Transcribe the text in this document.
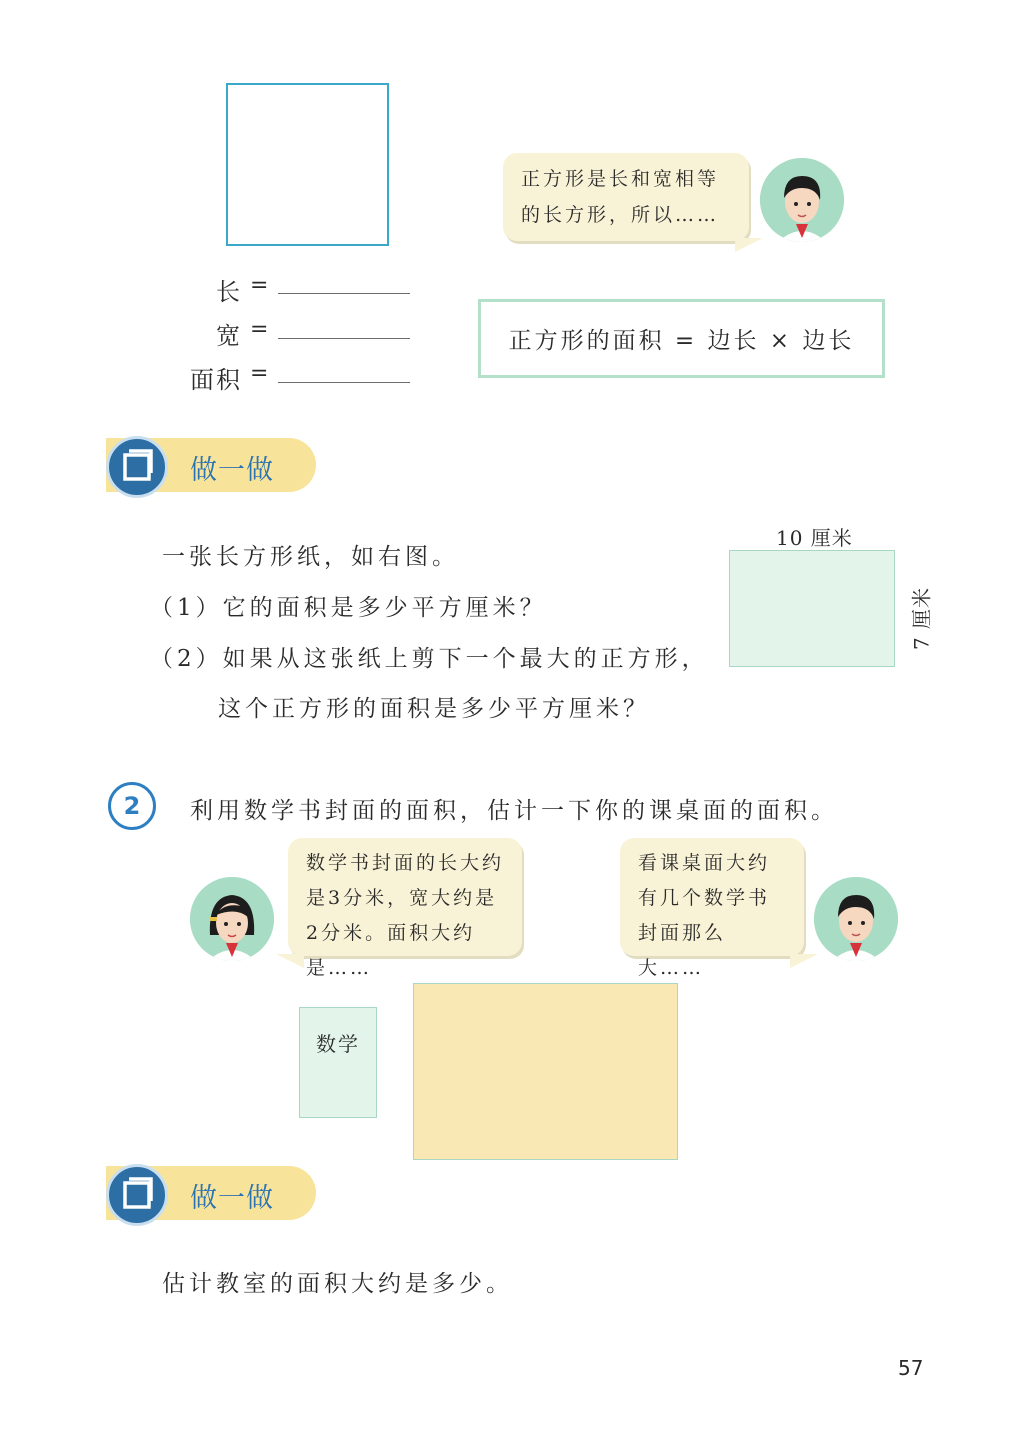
长 =
宽 =
面积 =
正方形是长和宽相等的长方形，所以……
正方形的面积 = 边长 × 边长
做一做
一张长方形纸，如右图。
（1）它的面积是多少平方厘米？
（2）如果从这张纸上剪下一个最大的正方形，
这个正方形的面积是多少平方厘米？
10 厘米
7 厘米
2	利用数学书封面的面积，估计一下你的课桌面的面积。
数学书封面的长大约是3分米，宽大约是2分米。面积大约是……
看课桌面大约有几个数学书封面那么大……
数学
做一做
估计教室的面积大约是多少。
57
